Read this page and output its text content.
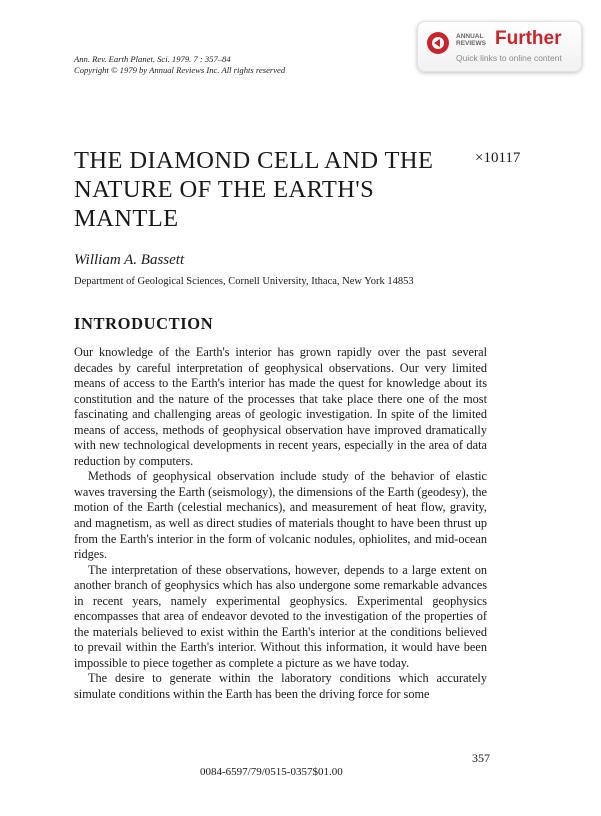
Ann. Rev. Earth Planet. Sci. 1979. 7 : 357–84
Copyright © 1979 by Annual Reviews Inc. All rights reserved
ANNUAL REVIEWS Further
Quick links to online content
THE DIAMOND CELL AND THE NATURE OF THE EARTH'S MANTLE
×10117
William A. Bassett
Department of Geological Sciences, Cornell University, Ithaca, New York 14853
INTRODUCTION

Our knowledge of the Earth's interior has grown rapidly over the past several decades by careful interpretation of geophysical observations. Our very limited means of access to the Earth's interior has made the quest for knowledge about its constitution and the nature of the processes that take place there one of the most fascinating and challenging areas of geologic investigation. In spite of the limited means of access, methods of geophysical observation have improved dramatically with new technological developments in recent years, especially in the area of data reduction by computers.

Methods of geophysical observation include study of the behavior of elastic waves traversing the Earth (seismology), the dimensions of the Earth (geodesy), the motion of the Earth (celestial mechanics), and measurement of heat flow, gravity, and magnetism, as well as direct studies of materials thought to have been thrust up from the Earth's interior in the form of volcanic nodules, ophiolites, and mid-ocean ridges.

The interpretation of these observations, however, depends to a large extent on another branch of geophysics which has also undergone some remarkable advances in recent years, namely experimental geophysics. Experimental geophysics encompasses that area of endeavor devoted to the investigation of the properties of the materials believed to exist within the Earth's interior at the conditions believed to prevail within the Earth's interior. Without this information, it would have been impossible to piece together as complete a picture as we have today.

The desire to generate within the laboratory conditions which accurately simulate conditions within the Earth has been the driving force for some

357
0084-6597/79/0515-0357$01.00
